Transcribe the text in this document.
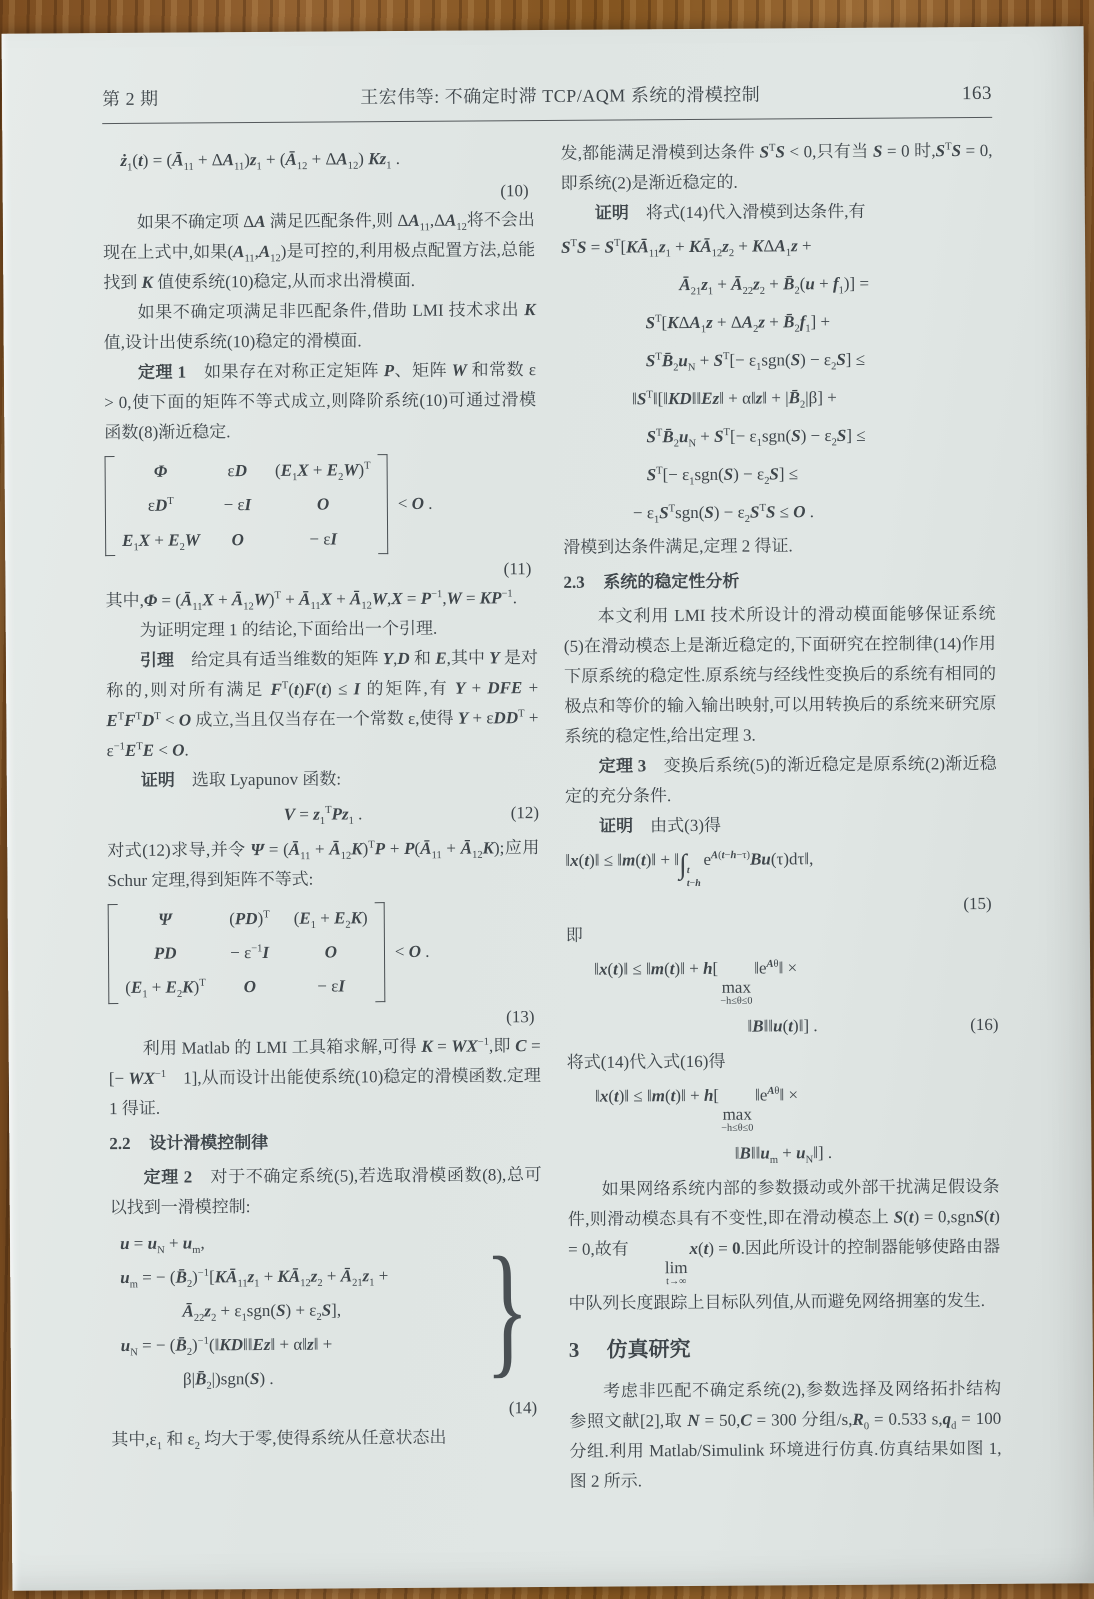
第 2 期	王宏伟等: 不确定时滞 TCP/AQM 系统的滑模控制	163
$ż_1(t)$ = $(Ā_{11} + \Delta A_{11})z_1$ + $(Ā_{12} + \Delta A_{12})$ $Kz_1$ .
(10)

如果不确定项 ΔA 满足匹配条件,则 $\Delta A_{11},\Delta A_{12}$将不会出现在上式中,如果$(A_{11},A_{12})$是可控的,利用极点配置方法,总能找到 K 值使系统(10)稳定,从而求出滑模面.

如果不确定项满足非匹配条件,借助 LMI 技术求出 K 值,设计出使系统(10)稳定的滑模面.

定理 1　如果存在对称正定矩阵 P、矩阵 W 和常数 ε > 0,使下面的矩阵不等式成立,则降阶系统(10)可通过滑模函数(8)渐近稳定.

Φ	εD $(E_1X + E_2W)^T$
$\varepsilon D^T$	− εI	O
$E_1X + E_2W$	O	− εI
< O .
(11)

其中$,\Phi = (Ā_{11}X$ + $Ā_{12}W)^T$ + $Ā_{11}X$ + $Ā_{12}W,X = P^{-1},W = KP^{-1}$.

为证明定理 1 的结论,下面给出一个引理.

引理　给定具有适当维数的矩阵 Y,D 和 E,其中 Y 是对称的,则对所有满足 $F^T(t)F(t) \le I$ 的矩阵,有 Y + DFE + $E^TF^TD^T < O$ 成立,当且仅当存在一个常数 ε,使得 $Y + \varepsilon DD^T + \varepsilon^{-1}E^TE < O$.

证明　选取 Lyapunov 函数:

$V = z_1^TPz_1$ .	(12)

对式(12)求导,并令 $\Psi = (Ā_{11}$ + $Ā_{12}K)^TP$ + $P(Ā_{11}$ + $Ā_{12}K$);应用 Schur 定理,得到矩阵不等式:

Ψ	(PD)$^T$ $(E_1 + E_2K)$
PD	− $\varepsilon^{-1}I$	O
$(E_1 + E_2K)^T$	O	− εI
< O .
(13)

利用 Matlab 的 LMI 工具箱求解,可得 $K = WX^{-1}$,即 C = [− $WX^{-1}$　1],从而设计出能使系统(10)稳定的滑模函数.定理 1 得证.

2.2 设计滑模控制律

定理 2　对于不确定系统(5),若选取滑模函数(8),总可以找到一滑模控制:

$u = u_N + u_m$,
$u_m$ = − $(B̄_2)^{-1}[KĀ_{11}z_1$ + $KĀ_{12}z_2$ + $Ā_{21}z_1$ +
$Ā_{22}z_2 + \varepsilon_1sgn(S) + \varepsilon_2S$],
$u_N$ = − $(B̄_2)^{-1}(‖KD‖‖Ez‖$ + α‖z‖ +
$\beta|B̄_2|)sgn(S)$ .	}
(14)

其中$,\varepsilon_1$ 和 $\varepsilon_2$ 均大于零,使得系统从任意状态出

发,都能满足滑模到达条件 $S^TS < 0$,只有当 S = 0 时$,S^TS = 0$,即系统(2)是渐近稳定的.

证明　将式(14)代入滑模到达条件,有

$S^TS$ = $S^T[KĀ_{11}z_1$ + $KĀ_{12}z_2 + K\Delta A_1z$ +
$Ā_{21}z_1$ + $Ā_{22}z_2$ + $B̄_2(u + f_1)$] =
$S^T[K\Delta A_1z + \Delta A_2z$ + $B̄_2f_1$] +
$S^TB̄_2u_N + S^T[- \varepsilon_1sgn(S) - \varepsilon_2S]$ ≤
$‖S^T‖[‖KD‖‖Ez‖$ + α‖z‖ + $|B̄_2|\beta$] +
$S^TB̄_2u_N + S^T[- \varepsilon_1sgn(S) - \varepsilon_2S]$ ≤
$S^T[- \varepsilon_1sgn(S) - \varepsilon_2S]$ ≤
− $\varepsilon_1S^Tsgn(S) - \varepsilon_2S^TS \le O$ .

滑模到达条件满足,定理 2 得证.

2.3 系统的稳定性分析

本文利用 LMI 技术所设计的滑动模面能够保证系统(5)在滑动模态上是渐近稳定的,下面研究在控制律(14)作用下原系统的稳定性.原系统与经线性变换后的系统有相同的极点和等价的输入输出映射,可以用转换后的系统来研究原系统的稳定性,给出定理 3.

定理 3　变换后系统(5)的渐近稳定是原系统(2)渐近稳定的充分条件.

证明　由式(3)得

‖x(t)‖ ≤ ‖m(t)‖ + ‖∫ t
t−h
$e^{A(t-h-\tau)}Bu(\tau)d\tau‖$,
(15)

即

‖x(t)‖ ≤ ‖m(t)‖ + h[
max
−h≤θ≤0
$‖e^{A\theta}‖$ ×
‖B‖‖u(t)‖] .	(16)

将式(14)代入式(16)得

‖x(t)‖ ≤ ‖m(t)‖ + h[
max
−h≤θ≤0
$‖e^{A\theta}‖$ ×
$‖B‖‖u_m$ + $u_N‖$] .

如果网络系统内部的参数摄动或外部干扰满足假设条件,则滑动模态具有不变性,即在滑动模态上 S(t) = 0,sgnS(t) = 0,故有
lim
t→∞
x(t) = 0.因此所设计的控制器能够使路由器中队列长度跟踪上目标队列值,从而避免网络拥塞的发生.

3 仿真研究

考虑非匹配不确定系统(2),参数选择及网络拓扑结构参照文献[2],取 N = 50,C = 300 分组$/s,R_0 = 0.533$ $s,q_d = 100$ 分组.利用 Matlab/Simulink 环境进行仿真.仿真结果如图 1,图 2 所示.
